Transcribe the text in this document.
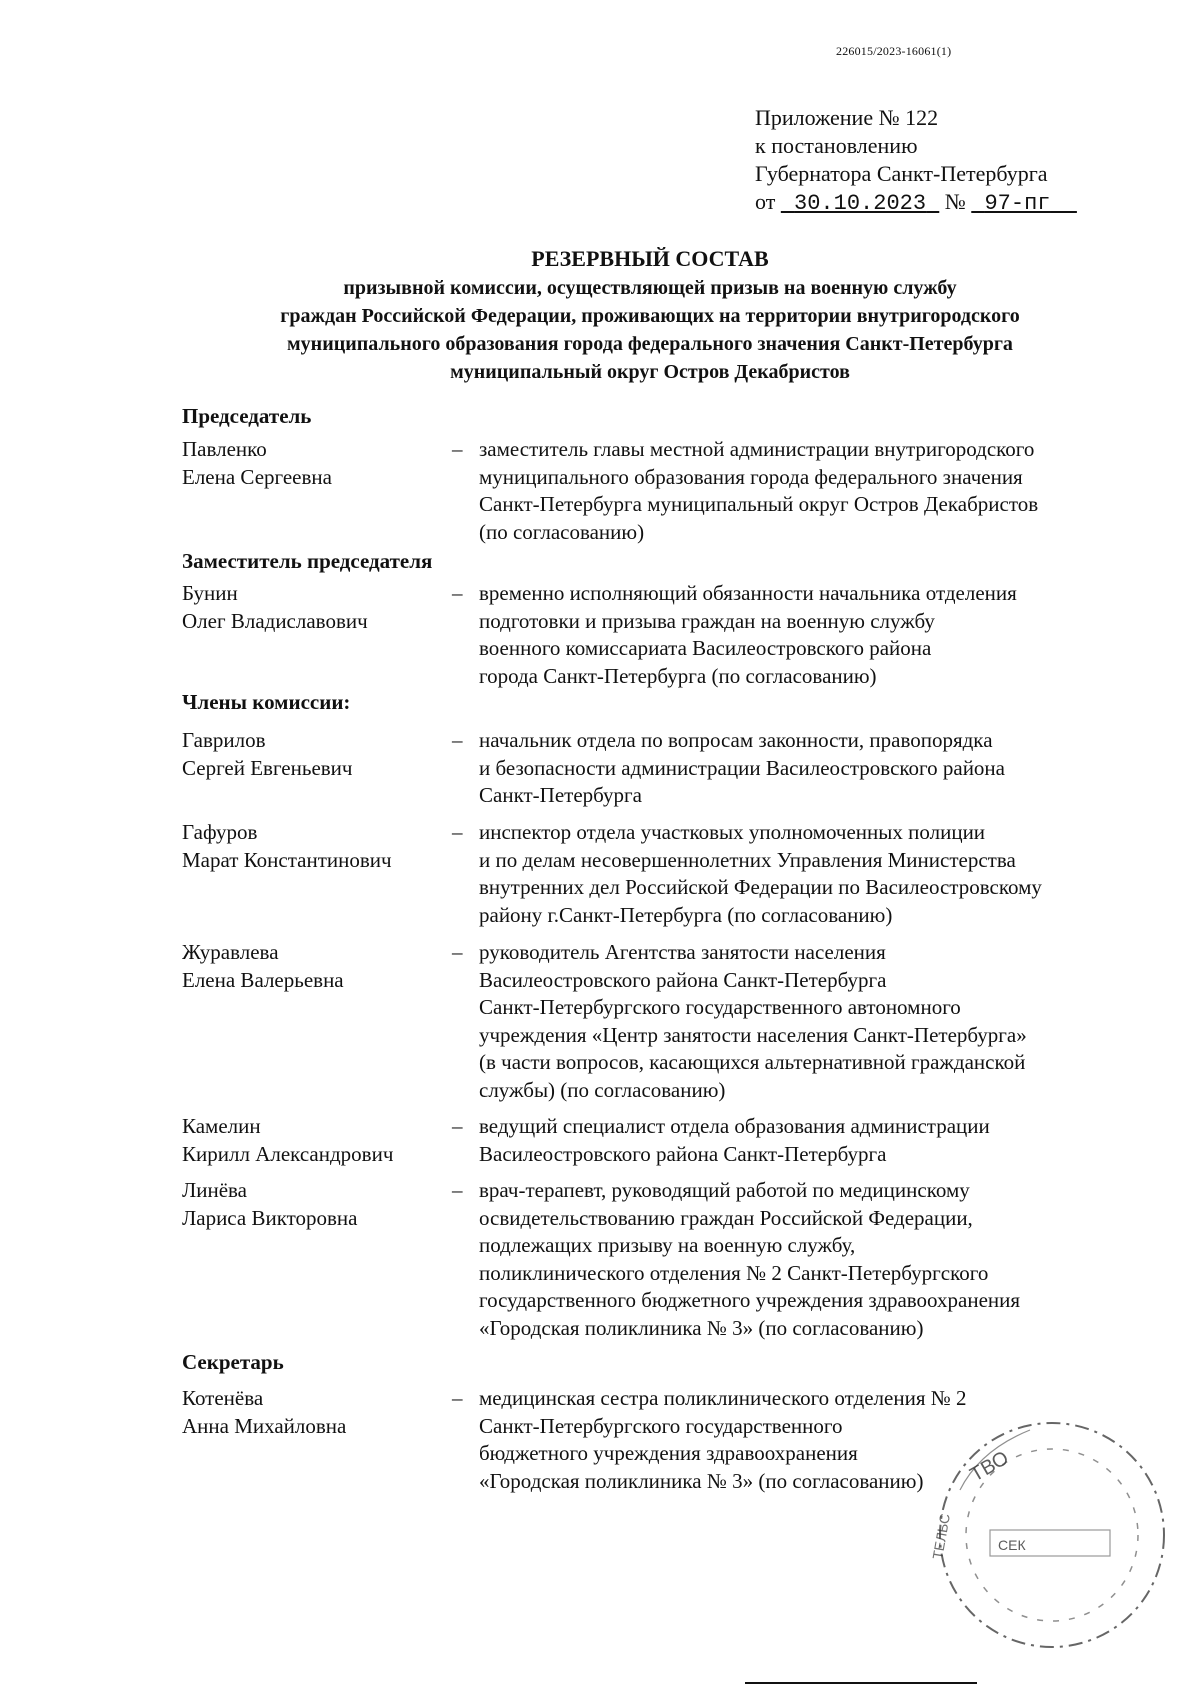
226015/2023-16061(1)
Приложение № 122
к постановлению
Губернатора Санкт-Петербурга
от 30.10.2023 № 97-пг
РЕЗЕРВНЫЙ СОСТАВ
призывной комиссии, осуществляющей призыв на военную службу
граждан Российской Федерации, проживающих на территории внутригородского
муниципального образования города федерального значения Санкт-Петербурга
муниципальный округ Остров Декабристов
Председатель
Павленко
Елена Сергеевна
– заместитель главы местной администрации внутригородского
муниципального образования города федерального значения
Санкт-Петербурга муниципальный округ Остров Декабристов
(по согласованию)
Заместитель председателя
Бунин
Олег Владиславович
– временно исполняющий обязанности начальника отделения
подготовки и призыва граждан на военную службу
военного комиссариата Василеостровского района
города Санкт-Петербурга (по согласованию)
Члены комиссии:
Гаврилов
Сергей Евгеньевич
– начальник отдела по вопросам законности, правопорядка
и безопасности администрации Василеостровского района
Санкт-Петербурга
Гафуров
Марат Константинович
– инспектор отдела участковых уполномоченных полиции
и по делам несовершеннолетних Управления Министерства
внутренних дел Российской Федерации по Василеостровскому
району г.Санкт-Петербурга (по согласованию)
Журавлева
Елена Валерьевна
– руководитель Агентства занятости населения
Василеостровского района Санкт-Петербурга
Санкт-Петербургского государственного автономного
учреждения «Центр занятости населения Санкт-Петербурга»
(в части вопросов, касающихся альтернативной гражданской
службы) (по согласованию)
Камелин
Кирилл Александрович
– ведущий специалист отдела образования администрации
Василеостровского района Санкт-Петербурга
Линёва
Лариса Викторовна
– врач-терапевт, руководящий работой по медицинскому
освидетельствованию граждан Российской Федерации,
подлежащих призыву на военную службу,
поликлинического отделения № 2 Санкт-Петербургского
государственного бюджетного учреждения здравоохранения
«Городская поликлиника № 3» (по согласованию)
Секретарь
Котенёва
Анна Михайловна
– медицинская сестра поликлинического отделения № 2
Санкт-Петербургского государственного
бюджетного учреждения здравоохранения
«Городская поликлиника № 3» (по согласованию)	ТВО
СЕК
ТЕЛЬС
